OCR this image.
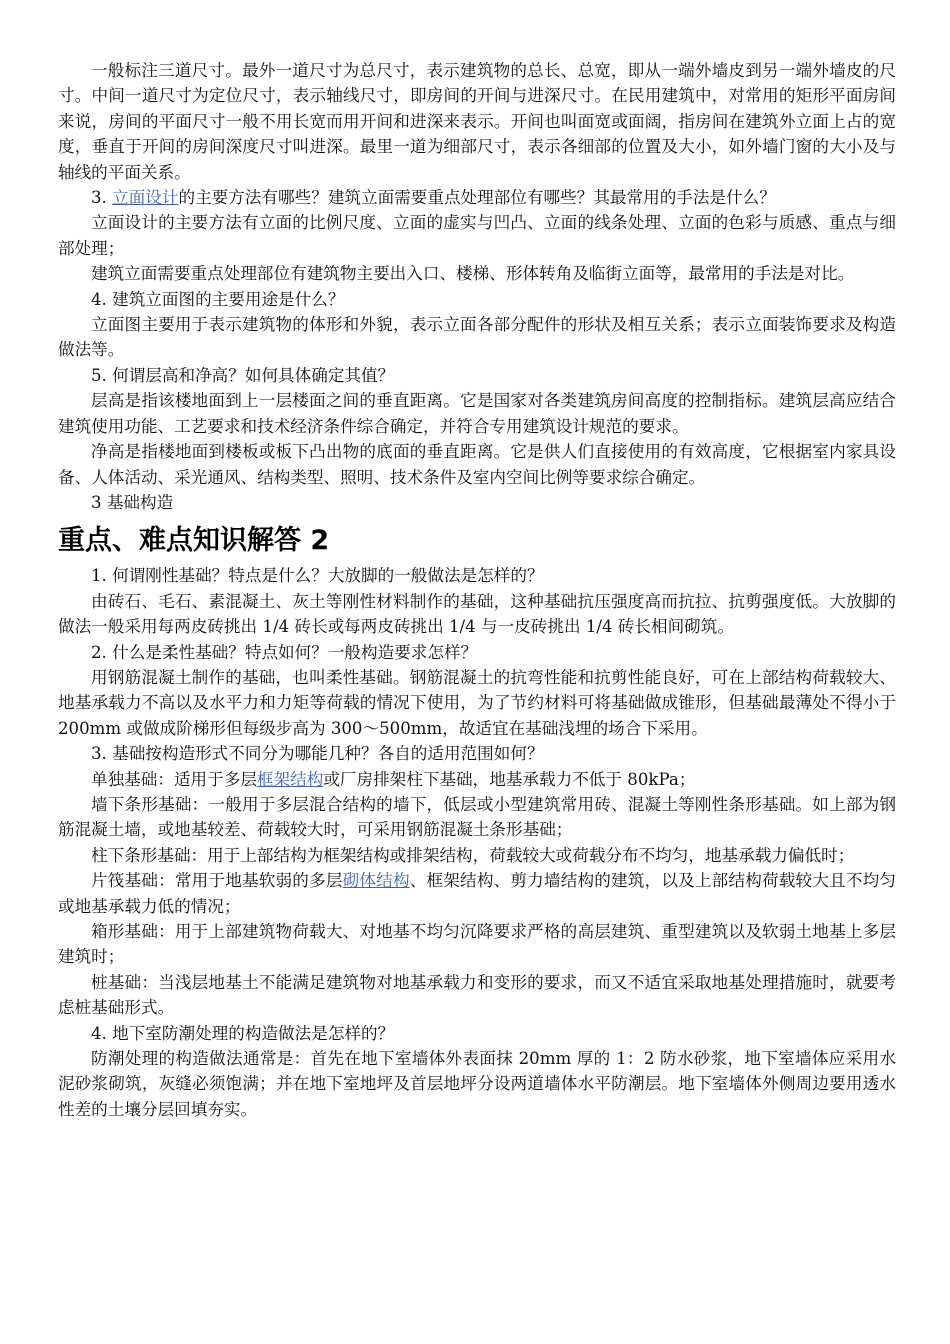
一般标注三道尺寸。最外一道尺寸为总尺寸，表示建筑物的总长、总宽，即从一端外墙皮到另一端外墙皮的尺寸。中间一道尺寸为定位尺寸，表示轴线尺寸，即房间的开间与进深尺寸。在民用建筑中，对常用的矩形平面房间来说，房间的平面尺寸一般不用长宽而用开间和进深来表示。开间也叫面宽或面阔，指房间在建筑外立面上占的宽度，垂直于开间的房间深度尺寸叫进深。最里一道为细部尺寸，表示各细部的位置及大小，如外墙门窗的大小及与轴线的平面关系。

3. 立面设计的主要方法有哪些？建筑立面需要重点处理部位有哪些？其最常用的手法是什么？

立面设计的主要方法有立面的比例尺度、立面的虚实与凹凸、立面的线条处理、立面的色彩与质感、重点与细部处理；

建筑立面需要重点处理部位有建筑物主要出入口、楼梯、形体转角及临街立面等，最常用的手法是对比。

4. 建筑立面图的主要用途是什么？

立面图主要用于表示建筑物的体形和外貌，表示立面各部分配件的形状及相互关系；表示立面装饰要求及构造做法等。

5. 何谓层高和净高？如何具体确定其值？

层高是指该楼地面到上一层楼面之间的垂直距离。它是国家对各类建筑房间高度的控制指标。建筑层高应结合建筑使用功能、工艺要求和技术经济条件综合确定，并符合专用建筑设计规范的要求。

净高是指楼地面到楼板或板下凸出物的底面的垂直距离。它是供人们直接使用的有效高度，它根据室内家具设备、人体活动、采光通风、结构类型、照明、技术条件及室内空间比例等要求综合确定。

3 基础构造

重点、难点知识解答 2

1. 何谓刚性基础？特点是什么？大放脚的一般做法是怎样的？

由砖石、毛石、素混凝土、灰土等刚性材料制作的基础，这种基础抗压强度高而抗拉、抗剪强度低。大放脚的做法一般采用每两皮砖挑出 1/4 砖长或每两皮砖挑出 1/4 与一皮砖挑出 1/4 砖长相间砌筑。

2. 什么是柔性基础？特点如何？一般构造要求怎样？

用钢筋混凝土制作的基础，也叫柔性基础。钢筋混凝土的抗弯性能和抗剪性能良好，可在上部结构荷载较大、地基承载力不高以及水平力和力矩等荷载的情况下使用，为了节约材料可将基础做成锥形，但基础最薄处不得小于 200mm 或做成阶梯形但每级步高为 300～500mm，故适宜在基础浅埋的场合下采用。

3. 基础按构造形式不同分为哪能几种？各自的适用范围如何？

单独基础：适用于多层框架结构或厂房排架柱下基础，地基承载力不低于 80kPa；

墙下条形基础：一般用于多层混合结构的墙下，低层或小型建筑常用砖、混凝土等刚性条形基础。如上部为钢筋混凝土墙，或地基较差、荷载较大时，可采用钢筋混凝土条形基础；

柱下条形基础：用于上部结构为框架结构或排架结构，荷载较大或荷载分布不均匀，地基承载力偏低时；

片筏基础：常用于地基软弱的多层砌体结构、框架结构、剪力墙结构的建筑，以及上部结构荷载较大且不均匀或地基承载力低的情况；

箱形基础：用于上部建筑物荷载大、对地基不均匀沉降要求严格的高层建筑、重型建筑以及软弱土地基上多层建筑时；

桩基础：当浅层地基土不能满足建筑物对地基承载力和变形的要求，而又不适宜采取地基处理措施时，就要考虑桩基础形式。

4. 地下室防潮处理的构造做法是怎样的？

防潮处理的构造做法通常是：首先在地下室墙体外表面抹 20mm 厚的 1：2 防水砂浆，地下室墙体应采用水泥砂浆砌筑，灰缝必须饱满；并在地下室地坪及首层地坪分设两道墙体水平防潮层。地下室墙体外侧周边要用透水性差的土壤分层回填夯实。
